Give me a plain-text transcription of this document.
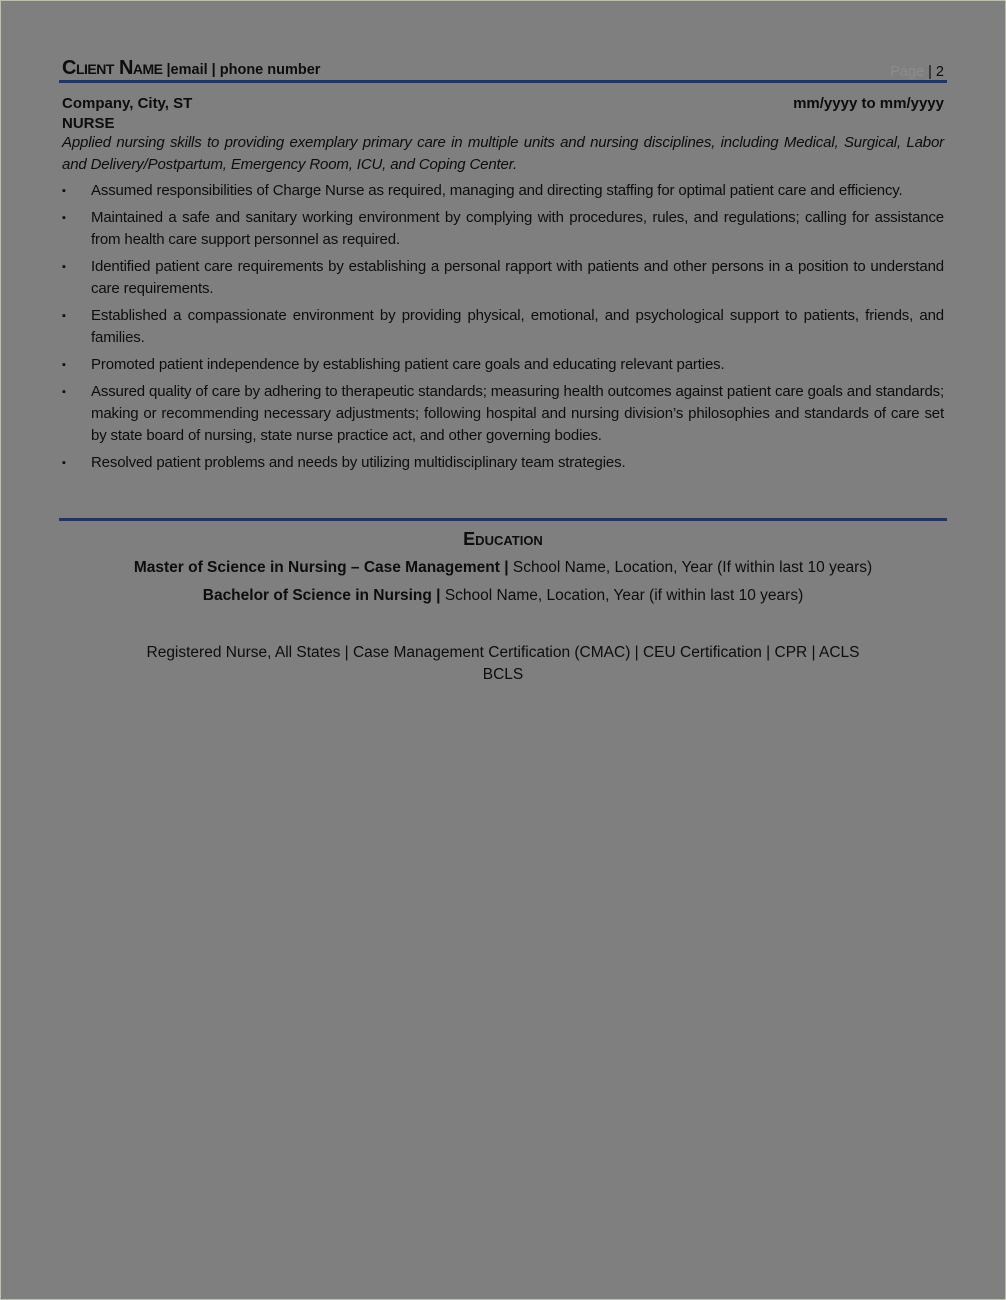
Client Name |email | phone number	Page | 2
Company, City, ST	mm/yyyy to mm/yyyy
NURSE
Applied nursing skills to providing exemplary primary care in multiple units and nursing disciplines, including Medical, Surgical, Labor and Delivery/Postpartum, Emergency Room, ICU, and Coping Center.
▪ Assumed responsibilities of Charge Nurse as required, managing and directing staffing for optimal patient care and efficiency.
▪ Maintained a safe and sanitary working environment by complying with procedures, rules, and regulations; calling for assistance from health care support personnel as required.
▪ Identified patient care requirements by establishing a personal rapport with patients and other persons in a position to understand care requirements.
▪ Established a compassionate environment by providing physical, emotional, and psychological support to patients, friends, and families.
▪ Promoted patient independence by establishing patient care goals and educating relevant parties.
▪ Assured quality of care by adhering to therapeutic standards; measuring health outcomes against patient care goals and standards; making or recommending necessary adjustments; following hospital and nursing division’s philosophies and standards of care set by state board of nursing, state nurse practice act, and other governing bodies.
▪ Resolved patient problems and needs by utilizing multidisciplinary team strategies.
Education
Master of Science in Nursing – Case Management | School Name, Location, Year (If within last 10 years)
Bachelor of Science in Nursing | School Name, Location, Year (if within last 10 years)
Registered Nurse, All States | Case Management Certification (CMAC) | CEU Certification | CPR | ACLS
BCLS
